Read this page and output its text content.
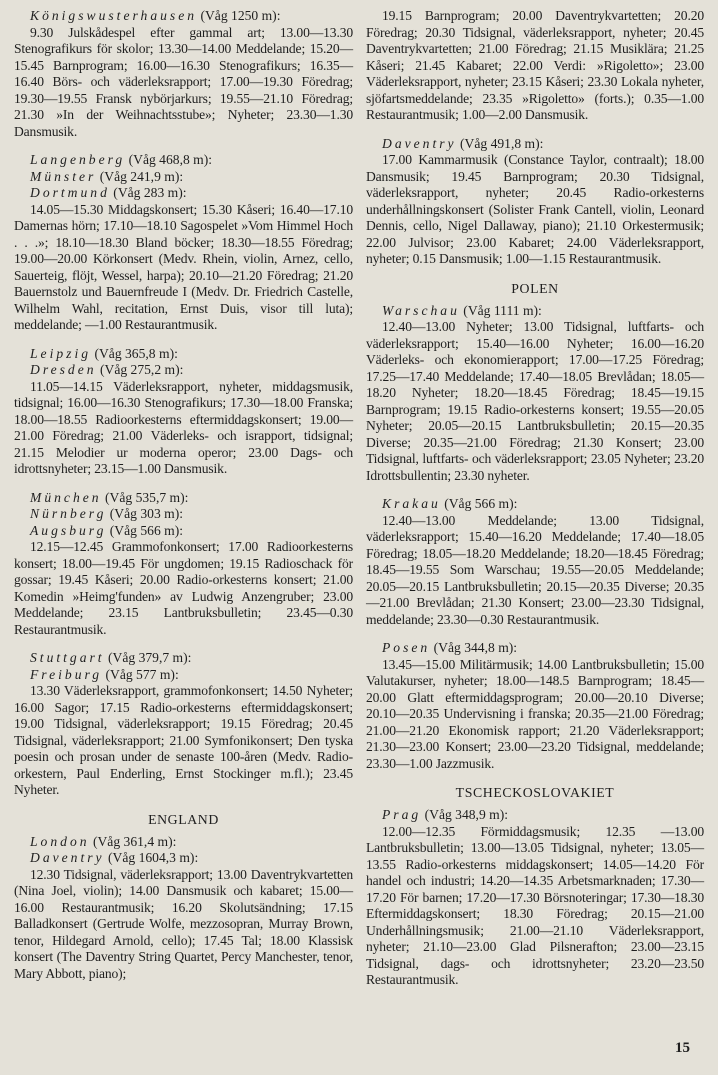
Königswusterhausen (Våg 1250 m):

9.30 Julskådespel efter gammal art; 13.00—13.30 Stenografikurs för skolor; 13.30—14.00 Meddelande; 15.20—15.45 Barnprogram; 16.00—16.30 Stenografikurs; 16.35—16.40 Börs- och väderleksrapport; 17.00—19.30 Föredrag; 19.30—19.55 Fransk nybörjarkurs; 19.55—21.10 Föredrag; 21.30 »In der Weihnachtsstube»; Nyheter; 23.30—1.30 Dansmusik.

Langenberg (Våg 468,8 m):

Münster (Våg 241,9 m):

Dortmund (Våg 283 m):

14.05—15.30 Middagskonsert; 15.30 Kåseri; 16.40—17.10 Damernas hörn; 17.10—18.10 Sagospelet »Vom Himmel Hoch . . .»; 18.10—18.30 Bland böcker; 18.30—18.55 Föredrag; 19.00—20.00 Körkonsert (Medv. Rhein, violin, Arnez, cello, Sauerteig, flöjt, Wessel, harpa); 20.10—21.20 Föredrag; 21.20 Bauernstolz und Bauernfreude I (Medv. Dr. Friedrich Castelle, Wilhelm Wahl, recitation, Ernst Duis, visor till luta); meddelande; —1.00 Restaurantmusik.

Leipzig (Våg 365,8 m):

Dresden (Våg 275,2 m):

11.05—14.15 Väderleksrapport, nyheter, middagsmusik, tidsignal; 16.00—16.30 Stenografikurs; 17.30—18.00 Franska; 18.00—18.55 Radioorkesterns eftermiddagskonsert; 19.00—21.00 Föredrag; 21.00 Väderleks- och israpport, tidsignal; 21.15 Melodier ur moderna operor; 23.00 Dags- och idrottsnyheter; 23.15—1.00 Dansmusik.

München (Våg 535,7 m):

Nürnberg (Våg 303 m):

Augsburg (Våg 566 m):

12.15—12.45 Grammofonkonsert; 17.00 Radioorkesterns konsert; 18.00—19.45 För ungdomen; 19.15 Radioschack för gossar; 19.45 Kåseri; 20.00 Radio-orkesterns konsert; 21.00 Komedin »Heimg'funden» av Ludwig Anzengruber; 23.00 Meddelande; 23.15 Lantbruksbulletin; 23.45—0.30 Restaurantmusik.

Stuttgart (Våg 379,7 m):

Freiburg (Våg 577 m):

13.30 Väderleksrapport, grammofonkonsert; 14.50 Nyheter; 16.00 Sagor; 17.15 Radio-orkesterns eftermiddagskonsert; 19.00 Tidsignal, väderleksrapport; 19.15 Föredrag; 20.45 Tidsignal, väderleksrapport; 21.00 Symfonikonsert; Den tyska poesin och prosan under de senaste 100-åren (Medv. Radio-orkestern, Paul Enderling, Ernst Stockinger m.fl.); 23.45 Nyheter.

ENGLAND

London (Våg 361,4 m):

Daventry (Våg 1604,3 m):

12.30 Tidsignal, väderleksrapport; 13.00 Daventrykvartetten (Nina Joel, violin); 14.00 Dansmusik och kabaret; 15.00—16.00 Restaurantmusik; 16.20 Skolutsändning; 17.15 Balladkonsert (Gertrude Wolfe, mezzosopran, Murray Brown, tenor, Hildegard Arnold, cello); 17.45 Tal; 18.00 Klassisk konsert (The Daventry String Quartet, Percy Manchester, tenor, Mary Abbott, piano);

19.15 Barnprogram; 20.00 Daventrykvartetten; 20.20 Föredrag; 20.30 Tidsignal, väderleksrapport, nyheter; 20.45 Daventrykvartetten; 21.00 Föredrag; 21.15 Musiklära; 21.25 Kåseri; 21.45 Kabaret; 22.00 Verdi: »Rigoletto»; 23.00 Väderleksrapport, nyheter; 23.15 Kåseri; 23.30 Lokala nyheter, sjöfartsmeddelande; 23.35 »Rigoletto» (forts.); 0.35—1.00 Restaurantmusik; 1.00—2.00 Dansmusik.

Daventry (Våg 491,8 m):

17.00 Kammarmusik (Constance Taylor, contraalt); 18.00 Dansmusik; 19.45 Barnprogram; 20.30 Tidsignal, väderleksrapport, nyheter; 20.45 Radio-orkesterns underhållningskonsert (Solister Frank Cantell, violin, Leonard Dennis, cello, Nigel Dallaway, piano); 21.10 Orkestermusik; 22.00 Julvisor; 23.00 Kabaret; 24.00 Väderleksrapport, nyheter; 0.15 Dansmusik; 1.00—1.15 Restaurantmusik.

POLEN

Warschau (Våg 1111 m):

12.40—13.00 Nyheter; 13.00 Tidsignal, luftfarts- och väderleksrapport; 15.40—16.00 Nyheter; 16.00—16.20 Väderleks- och ekonomierapport; 17.00—17.25 Föredrag; 17.25—17.40 Meddelande; 17.40—18.05 Brevlådan; 18.05—18.20 Nyheter; 18.20—18.45 Föredrag; 18.45—19.15 Barnprogram; 19.15 Radio-orkesterns konsert; 19.55—20.05 Nyheter; 20.05—20.15 Lantbruksbulletin; 20.15—20.35 Diverse; 20.35—21.00 Föredrag; 21.30 Konsert; 23.00 Tidsignal, luftfarts- och väderleksrapport; 23.05 Nyheter; 23.20 Idrottsbullentin; 23.30 nyheter.

Krakau (Våg 566 m):

12.40—13.00 Meddelande; 13.00 Tidsignal, väderleksrapport; 15.40—16.20 Meddelande; 17.40—18.05 Föredrag; 18.05—18.20 Meddelande; 18.20—18.45 Föredrag; 18.45—19.55 Som Warschau; 19.55—20.05 Meddelande; 20.05—20.15 Lantbruksbulletin; 20.15—20.35 Diverse; 20.35—21.00 Brevlådan; 21.30 Konsert; 23.00—23.30 Tidsignal, meddelande; 23.30—0.30 Restaurantmusik.

Posen (Våg 344,8 m):

13.45—15.00 Militärmusik; 14.00 Lantbruksbulletin; 15.00 Valutakurser, nyheter; 18.00—148.5 Barnprogram; 18.45—20.00 Glatt eftermiddagsprogram; 20.00—20.10 Diverse; 20.10—20.35 Undervisning i franska; 20.35—21.00 Föredrag; 21.00—21.20 Ekonomisk rapport; 21.20 Väderleksrapport; 21.30—23.00 Konsert; 23.00—23.20 Tidsignal, meddelande; 23.30—1.00 Jazzmusik.

TSCHECKOSLOVAKIET

Prag (Våg 348,9 m):

12.00—12.35 Förmiddagsmusik; 12.35 —13.00 Lantbruksbulletin; 13.00—13.05 Tidsignal, nyheter; 13.05—13.55 Radio-orkesterns middagskonsert; 14.05—14.20 För handel och industri; 14.20—14.35 Arbetsmarknaden; 17.30—17.20 För barnen; 17.20—17.30 Börsnoteringar; 17.30—18.30 Eftermiddagskonsert; 18.30 Föredrag; 20.15—21.00 Underhållningsmusik; 21.00—21.10 Väderleksrapport, nyheter; 21.10—23.00 Glad Pilsnerafton; 23.00—23.15 Tidsignal, dags- och idrottsnyheter; 23.20—23.50 Restaurantmusik.

15
